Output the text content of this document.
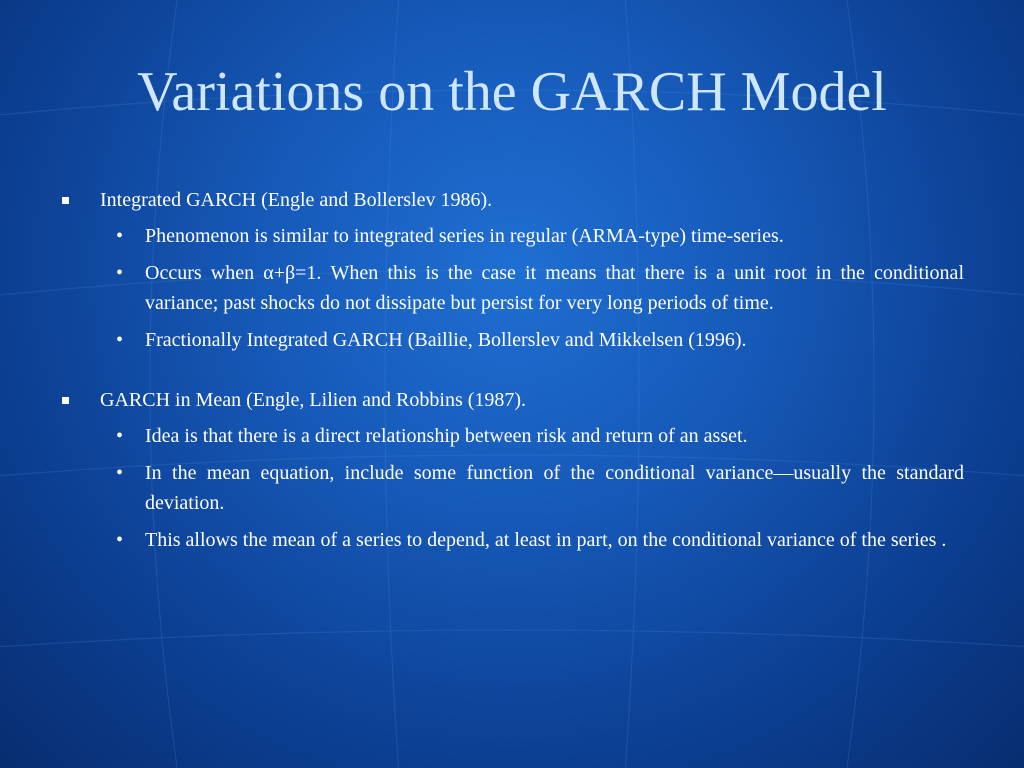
Variations on the GARCH Model
Integrated GARCH (Engle and Bollerslev 1986).
• Phenomenon is similar to integrated series in regular (ARMA-type) time-series.
• Occurs when α+β=1. When this is the case it means that there is a unit root in the conditional variance; past shocks do not dissipate but persist for very long periods of time.
• Fractionally Integrated GARCH (Baillie, Bollerslev and Mikkelsen (1996).
GARCH in Mean (Engle, Lilien and Robbins (1987).
• Idea is that there is a direct relationship between risk and return of an asset.
• In the mean equation, include some function of the conditional variance—usually the standard deviation.
• This allows the mean of a series to depend, at least in part, on the conditional variance of the series .
